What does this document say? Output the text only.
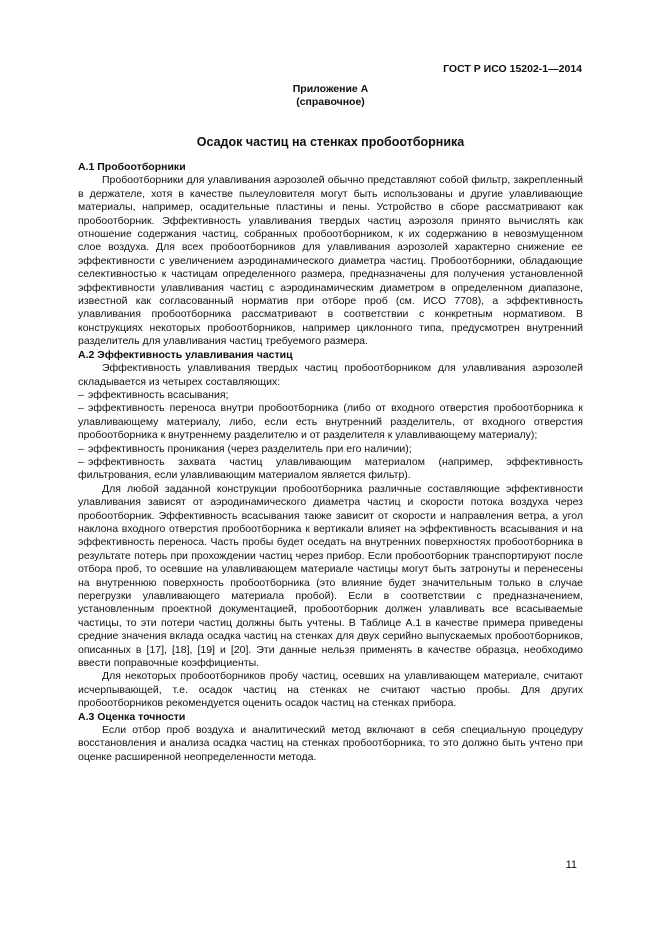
ГОСТ Р ИСО 15202-1—2014
Приложение А
(справочное)
Осадок частиц на стенках пробоотборника

А.1 Пробоотборники

Пробоотборники для улавливания аэрозолей обычно представляют собой фильтр, закрепленный в держателе, хотя в качестве пылеуловителя могут быть использованы и другие улавливающие материалы, например, осадительные пластины и пены. Устройство в сборе рассматривают как пробоотборник. Эффективность улавливания твердых частиц аэрозоля принято вычислять как отношение содержания частиц, собранных пробоотборником, к их содержанию в невозмущенном слое воздуха. Для всех пробоотборников для улавливания аэрозолей характерно снижение ее эффективности с увеличением аэродинамического диаметра частиц. Пробоотборники, обладающие селективностью к частицам определенного размера, предназначены для получения установленной эффективности улавливания частиц с аэродинамическим диаметром в определенном диапазоне, известной как согласованный норматив при отборе проб (см. ИСО 7708), а эффективность улавливания пробоотборника рассматривают в соответствии с конкретным нормативом. В конструкциях некоторых пробоотборников, например циклонного типа, предусмотрен внутренний разделитель для улавливания частиц требуемого размера.

А.2 Эффективность улавливания частиц

Эффективность улавливания твердых частиц пробоотборником для улавливания аэрозолей складывается из четырех составляющих:

– эффективность всасывания;

– эффективность переноса внутри пробоотборника (либо от входного отверстия пробоотборника к улавливающему материалу, либо, если есть внутренний разделитель, от входного отверстия пробоотборника к внутреннему разделителю и от разделителя к улавливающему материалу);

– эффективность проникания (через разделитель при его наличии);

– эффективность захвата частиц улавливающим материалом (например, эффективность фильтрования, если улавливающим материалом является фильтр).

Для любой заданной конструкции пробоотборника различные составляющие эффективности улавливания зависят от аэродинамического диаметра частиц и скорости потока воздуха через пробоотборник. Эффективность всасывания также зависит от скорости и направления ветра, а угол наклона входного отверстия пробоотборника к вертикали влияет на эффективность всасывания и на эффективность переноса. Часть пробы будет оседать на внутренних поверхностях пробоотборника в результате потерь при прохождении частиц через прибор. Если пробоотборник транспортируют после отбора проб, то осевшие на улавливающем материале частицы могут быть затронуты и перенесены на внутреннюю поверхность пробоотборника (это влияние будет значительным только в случае перегрузки улавливающего материала пробой). Если в соответствии с предназначением, установленным проектной документацией, пробоотборник должен улавливать все всасываемые частицы, то эти потери частиц должны быть учтены. В Таблице А.1 в качестве примера приведены средние значения вклада осадка частиц на стенках для двух серийно выпускаемых пробоотборников, описанных в [17], [18], [19] и [20]. Эти данные нельзя применять в качестве образца, необходимо ввести поправочные коэффициенты.

Для некоторых пробоотборников пробу частиц, осевших на улавливающем материале, считают исчерпывающей, т.е. осадок частиц на стенках не считают частью пробы. Для других пробоотборников рекомендуется оценить осадок частиц на стенках прибора.

А.3 Оценка точности

Если отбор проб воздуха и аналитический метод включают в себя специальную процедуру восстановления и анализа осадка частиц на стенках пробоотборника, то это должно быть учтено при оценке расширенной неопределенности метода.

11
